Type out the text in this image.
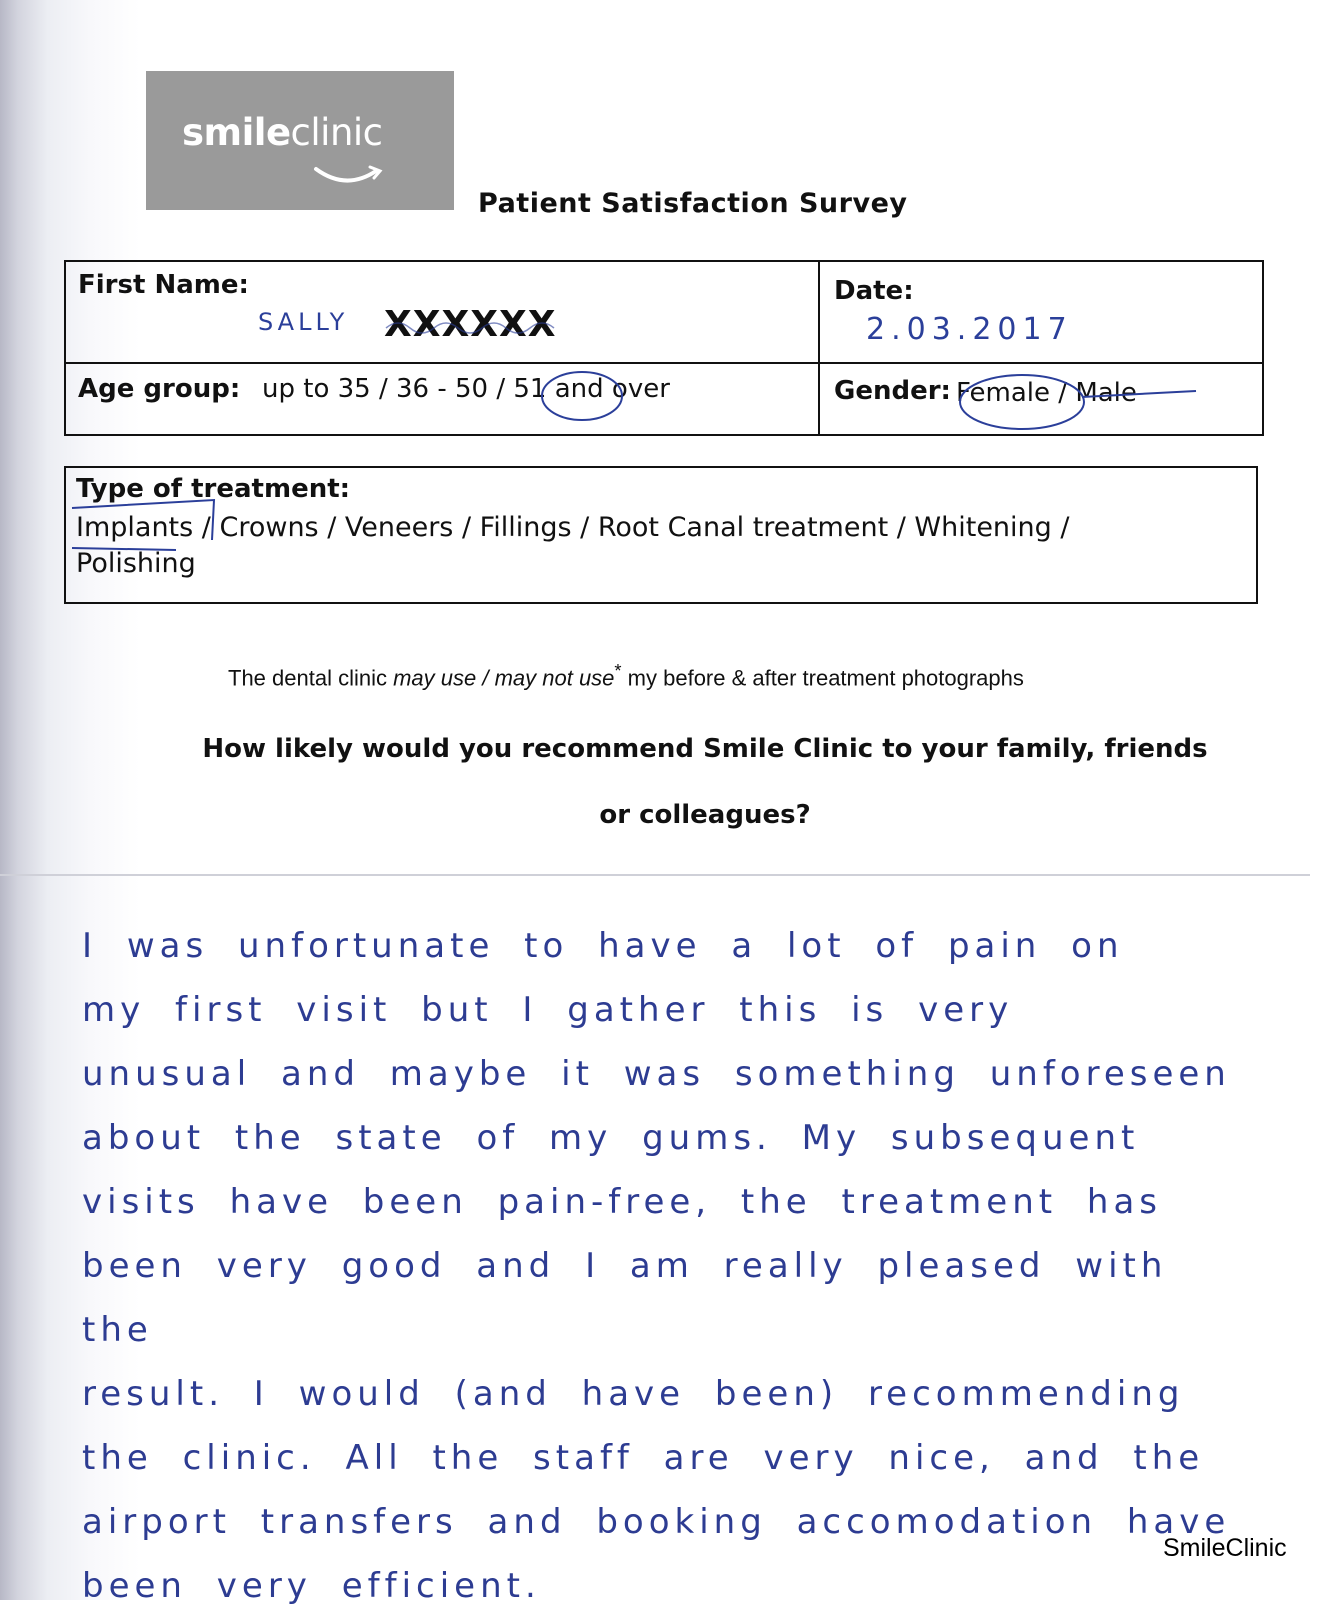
smileclinic
Patient Satisfaction Survey
First Name:
SALLY XXXXXX
Date:
2.03.2017
Age group: up to 35 / 36 - 50 / 51 and over	Gender: Female / Male
Type of treatment:
Implants / Crowns / Veneers / Fillings / Root Canal treatment / Whitening /
Polishing
The dental clinic may use / may not use* my before & after treatment photographs
How likely would you recommend Smile Clinic to your family, friends or colleagues?
I was unfortunate to have a lot of pain on
my first visit but I gather this is very
unusual and maybe it was something unforeseen
about the state of my gums. My subsequent
visits have been pain-free, the treatment has
been very good and I am really pleased with the
result. I would (and have been) recommending
the clinic. All the staff are very nice, and the
airport transfers and booking accomodation have
been very efficient.
SmileClinic
